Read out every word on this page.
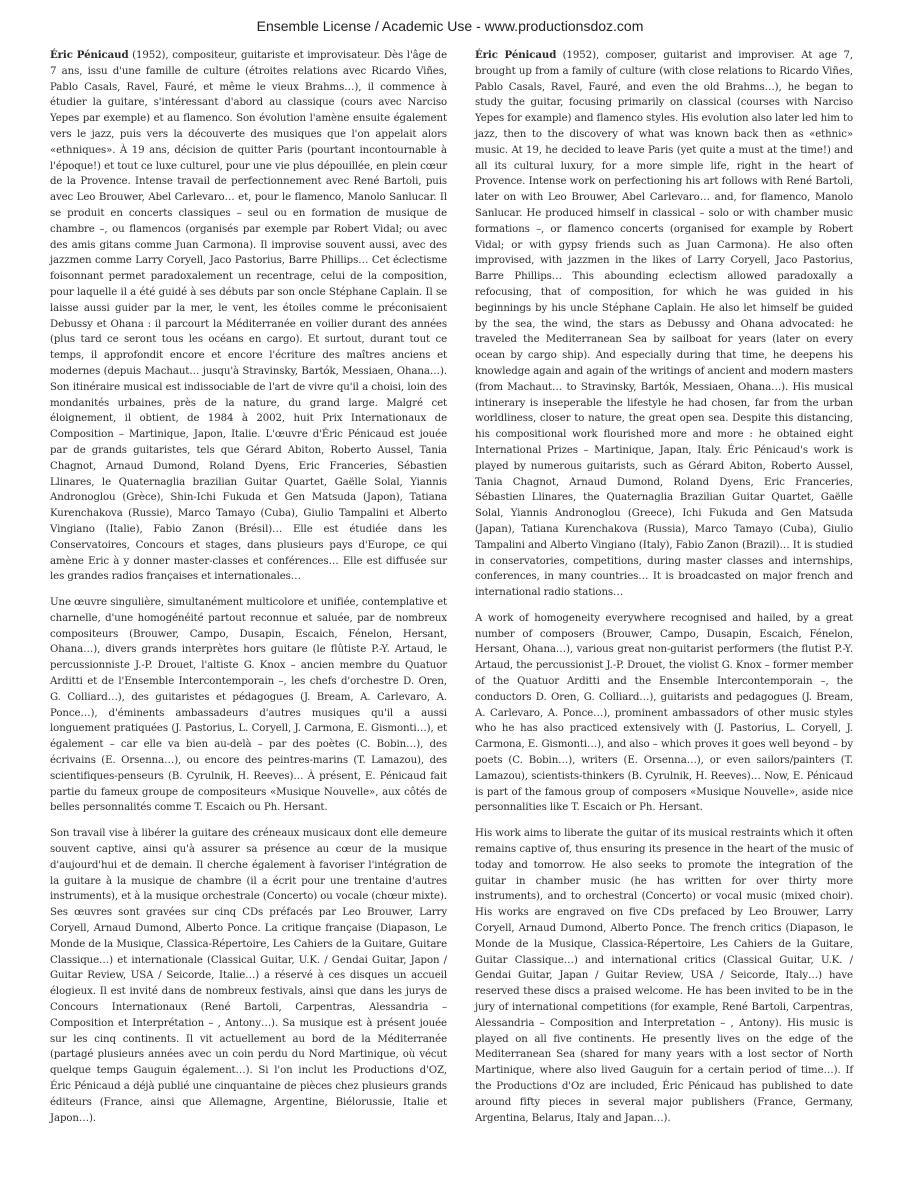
Ensemble License / Academic Use - www.productionsdoz.com

Éric Pénicaud (1952), compositeur, guitariste et improvisateur. Dès l'âge de 7 ans, issu d'une famille de culture (étroites relations avec Ricardo Viñes, Pablo Casals, Ravel, Fauré, et même le vieux Brahms…), il commence à étudier la guitare, s'intéressant d'abord au classique (cours avec Narciso Yepes par exemple) et au flamenco. Son évolution l'amène ensuite également vers le jazz, puis vers la découverte des musiques que l'on appelait alors «ethniques». À 19 ans, décision de quitter Paris (pourtant incontournable à l'époque!) et tout ce luxe culturel, pour une vie plus dépouillée, en plein cœur de la Provence. Intense travail de perfectionnement avec René Bartoli, puis avec Leo Brouwer, Abel Carlevaro… et, pour le flamenco, Manolo Sanlucar. Il se produit en concerts classiques – seul ou en formation de musique de chambre –, ou flamencos (organisés par exemple par Robert Vidal; ou avec des amis gitans comme Juan Carmona). Il improvise souvent aussi, avec des jazzmen comme Larry Coryell, Jaco Pastorius, Barre Phillips… Cet éclectisme foisonnant permet paradoxalement un recentrage, celui de la composition, pour laquelle il a été guidé à ses débuts par son oncle Stéphane Caplain. Il se laisse aussi guider par la mer, le vent, les étoiles comme le préconisaient Debussy et Ohana : il parcourt la Méditerranée en voilier durant des années (plus tard ce seront tous les océans en cargo). Et surtout, durant tout ce temps, il approfondit encore et encore l'écriture des maîtres anciens et modernes (depuis Machaut… jusqu'à Stravinsky, Bartók, Messiaen, Ohana…). Son itinéraire musical est indissociable de l'art de vivre qu'il a choisi, loin des mondanités urbaines, près de la nature, du grand large. Malgré cet éloignement, il obtient, de 1984 à 2002, huit Prix Internationaux de Composition – Martinique, Japon, Italie. L'œuvre d'Éric Pénicaud est jouée par de grands guitaristes, tels que Gérard Abiton, Roberto Aussel, Tania Chagnot, Arnaud Dumond, Roland Dyens, Eric Franceries, Sébastien Llinares, le Quaternaglia brazilian Guitar Quartet, Gaëlle Solal, Yiannis Andronoglou (Grèce), Shin-Ichi Fukuda et Gen Matsuda (Japon), Tatiana Kurenchakova (Russie), Marco Tamayo (Cuba), Giulio Tampalini et Alberto Vingiano (Italie), Fabio Zanon (Brésil)… Elle est étudiée dans les Conservatoires, Concours et stages, dans plusieurs pays d'Europe, ce qui amène Eric à y donner master-classes et conférences… Elle est diffusée sur les grandes radios françaises et internationales…

Une œuvre singulière, simultanément multicolore et unifiée, contemplative et charnelle, d'une homogénéité partout reconnue et saluée, par de nombreux compositeurs (Brouwer, Campo, Dusapin, Escaich, Fénelon, Hersant, Ohana…), divers grands interprètes hors guitare (le flûtiste P.-Y. Artaud, le percussionniste J.-P. Drouet, l'altiste G. Knox – ancien membre du Quatuor Arditti et de l'Ensemble Intercontemporain –, les chefs d'orchestre D. Oren, G. Colliard…), des guitaristes et pédagogues (J. Bream, A. Carlevaro, A. Ponce…), d'éminents ambassadeurs d'autres musiques qu'il a aussi longuement pratiquées (J. Pastorius, L. Coryell, J. Carmona, E. Gismonti…), et également – car elle va bien au-delà – par des poètes (C. Bobin…), des écrivains (E. Orsenna…), ou encore des peintres-marins (T. Lamazou), des scientifiques-penseurs (B. Cyrulnik, H. Reeves)… À présent, E. Pénicaud fait partie du fameux groupe de compositeurs «Musique Nouvelle», aux côtés de belles personnalités comme T. Escaich ou Ph. Hersant.

Son travail vise à libérer la guitare des créneaux musicaux dont elle demeure souvent captive, ainsi qu'à assurer sa présence au cœur de la musique d'aujourd'hui et de demain. Il cherche également à favoriser l'intégration de la guitare à la musique de chambre (il a écrit pour une trentaine d'autres instruments), et à la musique orchestrale (Concerto) ou vocale (chœur mixte). Ses œuvres sont gravées sur cinq CDs préfacés par Leo Brouwer, Larry Coryell, Arnaud Dumond, Alberto Ponce. La critique française (Diapason, Le Monde de la Musique, Classica-Répertoire, Les Cahiers de la Guitare, Guitare Classique…) et internationale (Classical Guitar, U.K. / Gendai Guitar, Japon / Guitar Review, USA / Seicorde, Italie…) a réservé à ces disques un accueil élogieux. Il est invité dans de nombreux festivals, ainsi que dans les jurys de Concours Internationaux (René Bartoli, Carpentras, Alessandria – Composition et Interprétation – , Antony…). Sa musique est à présent jouée sur les cinq continents. Il vit actuellement au bord de la Méditerranée (partagé plusieurs années avec un coin perdu du Nord Martinique, où vécut quelque temps Gauguin également…). Si l'on inclut les Productions d'OZ, Éric Pénicaud a déjà publié une cinquantaine de pièces chez plusieurs grands éditeurs (France, ainsi que Allemagne, Argentine, Biélorussie, Italie et Japon…).

Éric Pénicaud (1952), composer, guitarist and improviser. At age 7, brought up from a family of culture (with close relations to Ricardo Viñes, Pablo Casals, Ravel, Fauré, and even the old Brahms…), he began to study the guitar, focusing primarily on classical (courses with Narciso Yepes for example) and flamenco styles. His evolution also later led him to jazz, then to the discovery of what was known back then as «ethnic» music. At 19, he decided to leave Paris (yet quite a must at the time!) and all its cultural luxury, for a more simple life, right in the heart of Provence. Intense work on perfectioning his art follows with René Bartoli, later on with Leo Brouwer, Abel Carlevaro… and, for flamenco, Manolo Sanlucar. He produced himself in classical – solo or with chamber music formations –, or flamenco concerts (organised for example by Robert Vidal; or with gypsy friends such as Juan Carmona). He also often improvised, with jazzmen in the likes of Larry Coryell, Jaco Pastorius, Barre Phillips… This abounding eclectism allowed paradoxally a refocusing, that of composition, for which he was guided in his beginnings by his uncle Stéphane Caplain. He also let himself be guided by the sea, the wind, the stars as Debussy and Ohana advocated: he traveled the Mediterranean Sea by sailboat for years (later on every ocean by cargo ship). And especially during that time, he deepens his knowledge again and again of the writings of ancient and modern masters (from Machaut… to Stravinsky, Bartók, Messiaen, Ohana…). His musical intinerary is inseperable the lifestyle he had chosen, far from the urban worldliness, closer to nature, the great open sea. Despite this distancing, his compositional work flourished more and more : he obtained eight International Prizes – Martinique, Japan, Italy. Éric Pénicaud's work is played by numerous guitarists, such as Gérard Abiton, Roberto Aussel, Tania Chagnot, Arnaud Dumond, Roland Dyens, Eric Franceries, Sébastien Llinares, the Quaternaglia Brazilian Guitar Quartet, Gaëlle Solal, Yiannis Andronoglou (Greece), Ichi Fukuda and Gen Matsuda (Japan), Tatiana Kurenchakova (Russia), Marco Tamayo (Cuba), Giulio Tampalini and Alberto Vingiano (Italy), Fabio Zanon (Brazil)… It is studied in conservatories, competitions, during master classes and internships, conferences, in many countries… It is broadcasted on major french and international radio stations…

A work of homogeneity everywhere recognised and hailed, by a great number of composers (Brouwer, Campo, Dusapin, Escaich, Fénelon, Hersant, Ohana…), various great non-guitarist performers (the flutist P.-Y. Artaud, the percussionist J.-P. Drouet, the violist G. Knox – former member of the Quatuor Arditti and the Ensemble Intercontemporain –, the conductors D. Oren, G. Colliard…), guitarists and pedagogues (J. Bream, A. Carlevaro, A. Ponce…), prominent ambassadors of other music styles who he has also practiced extensively with (J. Pastorius, L. Coryell, J. Carmona, E. Gismonti…), and also – which proves it goes well beyond – by poets (C. Bobin…), writers (E. Orsenna…), or even sailors/painters (T. Lamazou), scientists-thinkers (B. Cyrulnik, H. Reeves)… Now, E. Pénicaud is part of the famous group of composers «Musique Nouvelle», aside nice personnalities like T. Escaich or Ph. Hersant.

His work aims to liberate the guitar of its musical restraints which it often remains captive of, thus ensuring its presence in the heart of the music of today and tomorrow. He also seeks to promote the integration of the guitar in chamber music (he has written for over thirty more instruments), and to orchestral (Concerto) or vocal music (mixed choir). His works are engraved on five CDs prefaced by Leo Brouwer, Larry Coryell, Arnaud Dumond, Alberto Ponce. The french critics (Diapason, le Monde de la Musique, Classica-Répertoire, Les Cahiers de la Guitare, Guitar Classique…) and international critics (Classical Guitar, U.K. / Gendai Guitar, Japan / Guitar Review, USA / Seicorde, Italy…) have reserved these discs a praised welcome. He has been invited to be in the jury of international competitions (for example, René Bartoli, Carpentras, Alessandria – Composition and Interpretation – , Antony). His music is played on all five continents. He presently lives on the edge of the Mediterranean Sea (shared for many years with a lost sector of North Martinique, where also lived Gauguin for a certain period of time…). If the Productions d'Oz are included, Éric Pénicaud has published to date around fifty pieces in several major publishers (France, Germany, Argentina, Belarus, Italy and Japan…).
